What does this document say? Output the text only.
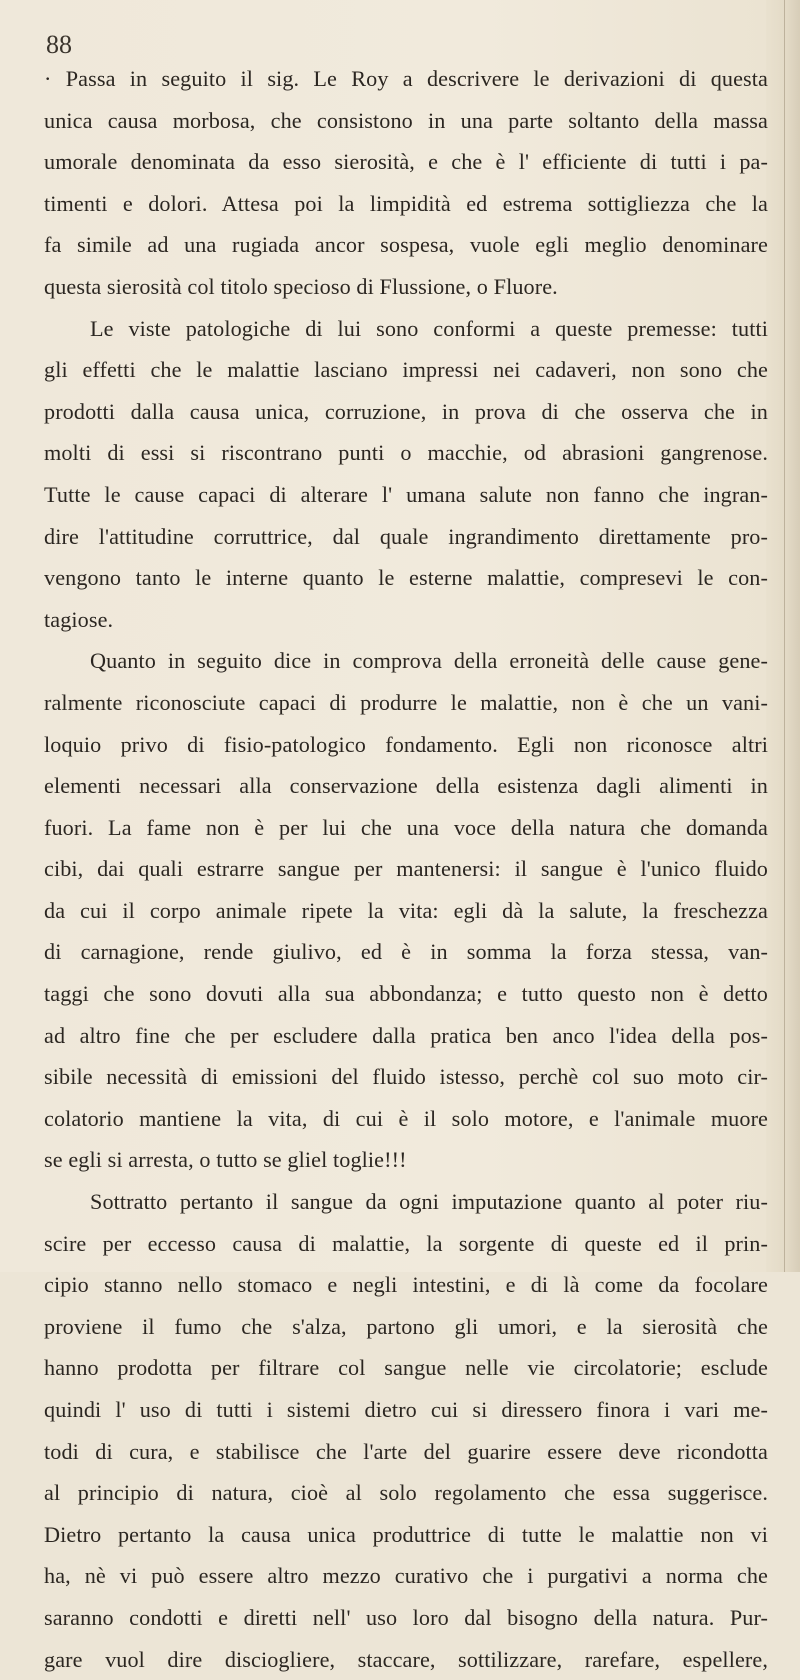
88

· Passa in seguito il sig. Le Roy a descrivere le derivazioni di questa
unica causa morbosa, che consistono in una parte soltanto della massa
umorale denominata da esso sierosità, e che è l' efficiente di tutti i pa-
timenti e dolori. Attesa poi la limpidità ed estrema sottigliezza che la
fa simile ad una rugiada ancor sospesa, vuole egli meglio denominare
questa sierosità col titolo specioso di Flussione, o Fluore.

Le viste patologiche di lui sono conformi a queste premesse: tutti
gli effetti che le malattie lasciano impressi nei cadaveri, non sono che
prodotti dalla causa unica, corruzione, in prova di che osserva che in
molti di essi si riscontrano punti o macchie, od abrasioni gangrenose.
Tutte le cause capaci di alterare l' umana salute non fanno che ingran-
dire l'attitudine corruttrice, dal quale ingrandimento direttamente pro-
vengono tanto le interne quanto le esterne malattie, compresevi le con-
tagiose.

Quanto in seguito dice in comprova della erroneità delle cause gene-
ralmente riconosciute capaci di produrre le malattie, non è che un vani-
loquio privo di fisio-patologico fondamento. Egli non riconosce altri
elementi necessari alla conservazione della esistenza dagli alimenti in
fuori. La fame non è per lui che una voce della natura che domanda
cibi, dai quali estrarre sangue per mantenersi: il sangue è l'unico fluido
da cui il corpo animale ripete la vita: egli dà la salute, la freschezza
di carnagione, rende giulivo, ed è in somma la forza stessa, van-
taggi che sono dovuti alla sua abbondanza; e tutto questo non è detto
ad altro fine che per escludere dalla pratica ben anco l'idea della pos-
sibile necessità di emissioni del fluido istesso, perchè col suo moto cir-
colatorio mantiene la vita, di cui è il solo motore, e l'animale muore
se egli si arresta, o tutto se gliel toglie!!!

Sottratto pertanto il sangue da ogni imputazione quanto al poter riu-
scire per eccesso causa di malattie, la sorgente di queste ed il prin-
cipio stanno nello stomaco e negli intestini, e di là come da focolare
proviene il fumo che s'alza, partono gli umori, e la sierosità che
hanno prodotta per filtrare col sangue nelle vie circolatorie; esclude
quindi l' uso di tutti i sistemi dietro cui si diressero finora i vari me-
todi di cura, e stabilisce che l'arte del guarire essere deve ricondotta
al principio di natura, cioè al solo regolamento che essa suggerisce.
Dietro pertanto la causa unica produttrice di tutte le malattie non vi
ha, nè vi può essere altro mezzo curativo che i purgativi a norma che
saranno condotti e diretti nell' uso loro dal bisogno della natura. Pur-
gare vuol dire disciogliere, staccare, sottilizzare, rarefare, espellere,
